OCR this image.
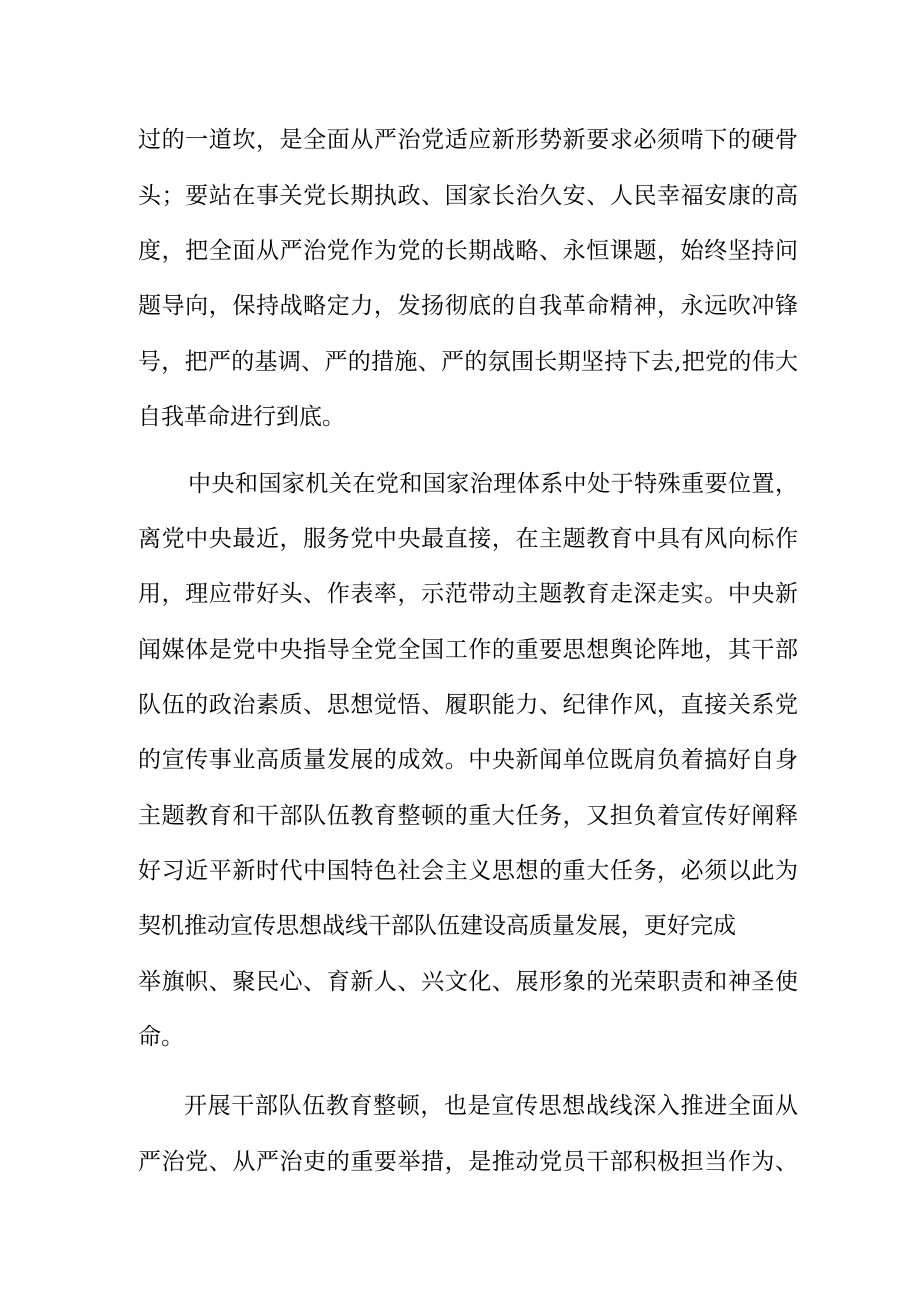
过的一道坎，是全面从严治党适应新形势新要求必须啃下的硬骨
头；要站在事关党长期执政、国家长治久安、人民幸福安康的高
度，把全面从严治党作为党的长期战略、永恒课题，始终坚持问
题导向，保持战略定力，发扬彻底的自我革命精神，永远吹冲锋
号，把严的基调、严的措施、严的氛围长期坚持下去,把党的伟大
自我革命进行到底。
中央和国家机关在党和国家治理体系中处于特殊重要位置，
离党中央最近，服务党中央最直接，在主题教育中具有风向标作
用，理应带好头、作表率，示范带动主题教育走深走实。中央新
闻媒体是党中央指导全党全国工作的重要思想舆论阵地，其干部
队伍的政治素质、思想觉悟、履职能力、纪律作风，直接关系党
的宣传事业高质量发展的成效。中央新闻单位既肩负着搞好自身
主题教育和干部队伍教育整顿的重大任务，又担负着宣传好阐释
好习近平新时代中国特色社会主义思想的重大任务，必须以此为
契机推动宣传思想战线干部队伍建设高质量发展，更好完成
举旗帜、聚民心、育新人、兴文化、展形象的光荣职责和神圣使
命。
开展干部队伍教育整顿，也是宣传思想战线深入推进全面从
严治党、从严治吏的重要举措，是推动党员干部积极担当作为、
